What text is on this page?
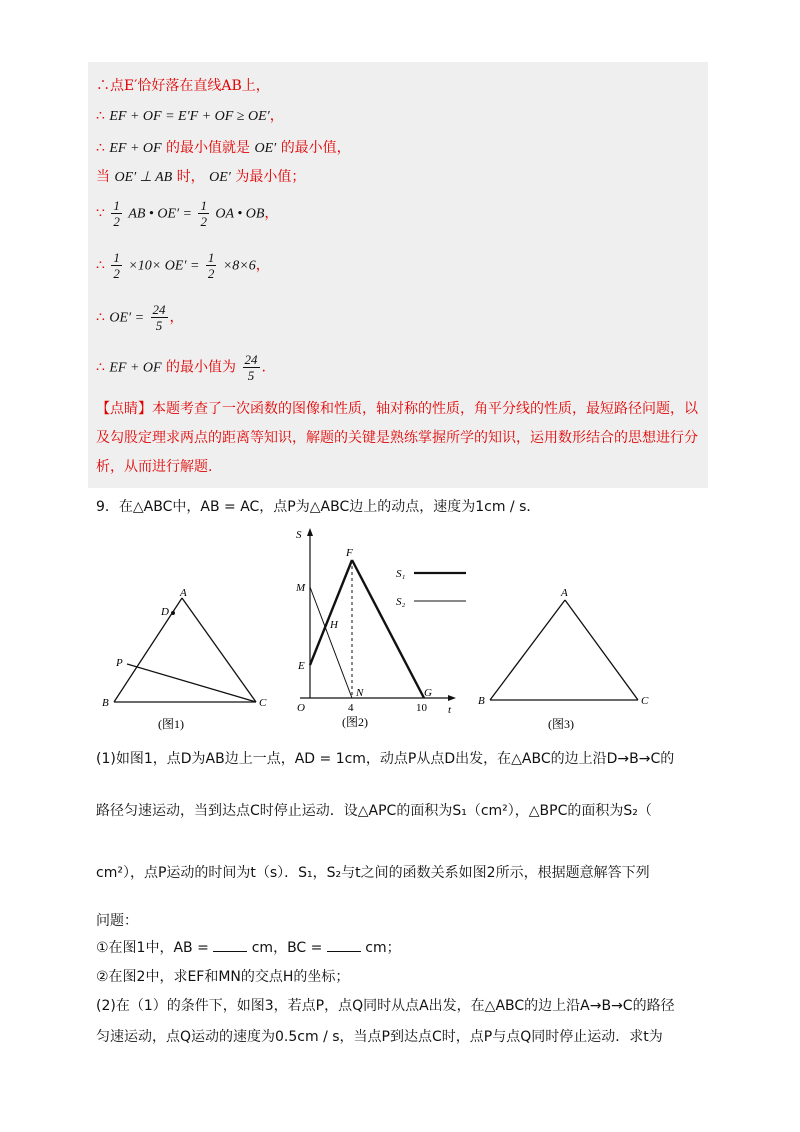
∴点E′恰好落在直线AB上，
∴ EF + OF = E′F + OF ≥ OE′，
∴ EF + OF 的最小值就是 OE′ 的最小值，
当 OE′ ⊥ AB 时， OE′ 为最小值；
∵ $\frac{1}{2}$ AB • $OE' = \frac{1}{2}$ OA • OB，
∴ $\frac{1}{2} \times 10\times OE' = \frac{1}{2} \times 8\times 6$，
∴ $OE' = \frac{24}{5}$ ，
∴ EF + OF 的最小值为 $\frac{24}{5}$ .
【点睛】本题考查了一次函数的图像和性质，轴对称的性质，角平分线的性质，最短路径问题，以及勾股定理求两点的距离等知识，解题的关键是熟练掌握所学的知识，运用数形结合的思想进行分析，从而进行解题.
9．在△ABC中，AB = AC，点P为△ABC边上的动点，速度为1cm / s．
A
D
P
B	C
(图1)
S
t
O
M
E
F
H
N	G
4	10
S₁
S₂
(图2)
A
B	C
(图3)
(1)如图1，点D为AB边上一点，AD = 1cm，动点P从点D出发，在△ABC的边上沿D→B→C的
路径匀速运动，当到达点C时停止运动．设△APC的面积为S₁（cm²），△BPC的面积为S₂（
cm²），点P运动的时间为t（s）．S₁，S₂与t之间的函数关系如图2所示，根据题意解答下列
问题：
①在图1中，AB =	cm，BC =	cm；
②在图2中，求EF和MN的交点H的坐标；
(2)在（1）的条件下，如图3，若点P，点Q同时从点A出发，在△ABC的边上沿A→B→C的路径
匀速运动，点Q运动的速度为0.5cm / s，当点P到达点C时，点P与点Q同时停止运动．求t为
